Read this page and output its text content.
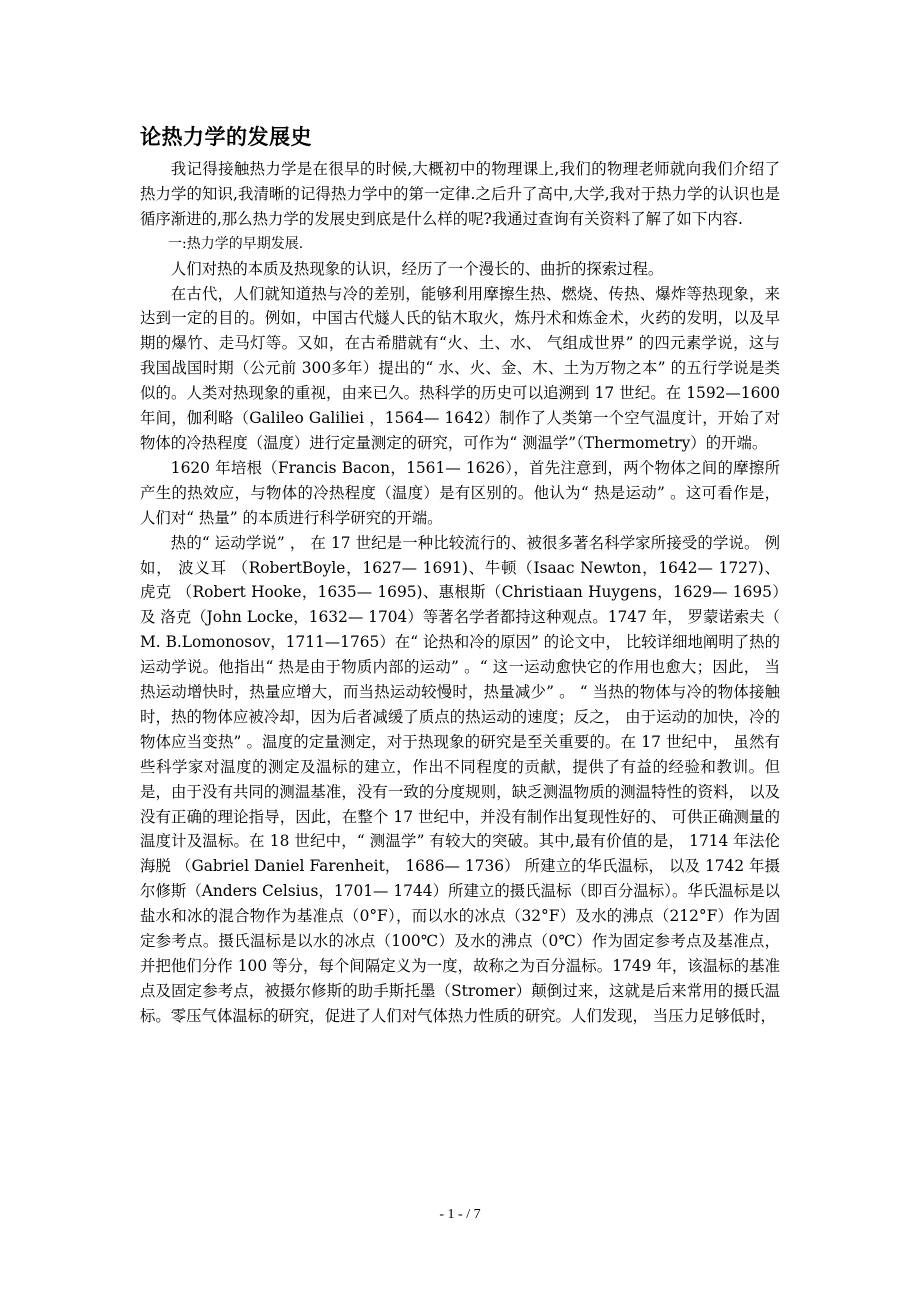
论热力学的发展史

我记得接触热力学是在很早的时候,大概初中的物理课上,我们的物理老师就向我们介绍了热力学的知识,我清晰的记得热力学中的第一定律.之后升了高中,大学,我对于热力学的认识也是循序渐进的,那么热力学的发展史到底是什么样的呢?我通过查询有关资料了解了如下内容.

一:热力学的早期发展.

人们对热的本质及热现象的认识，经历了一个漫长的、曲折的探索过程。

在古代，人们就知道热与冷的差别，能够利用摩擦生热、燃烧、传热、爆炸等热现象，来达到一定的目的。例如，中国古代燧人氏的钻木取火，炼丹术和炼金术，火药的发明，以及早期的爆竹、走马灯等。又如，在古希腊就有“火、土、水、 气组成世界” 的四元素学说，这与我国战国时期（公元前 300多年）提出的“ 水、火、金、木、土为万物之本” 的五行学说是类似的。人类对热现象的重视，由来已久。热科学的历史可以追溯到 17 世纪。在 1592—1600 年间，伽利略（Galileo Galiliei ，1564— 1642）制作了人类第一个空气温度计，开始了对物体的冷热程度（温度）进行定量测定的研究，可作为“ 测温学”（Thermometry）的开端。

1620 年培根（Francis Bacon，1561— 1626），首先注意到，两个物体之间的摩擦所产生的热效应，与物体的冷热程度（温度）是有区别的。他认为“ 热是运动” 。这可看作是，人们对“ 热量” 的本质进行科学研究的开端。

热的“ 运动学说” ， 在 17 世纪是一种比较流行的、被很多著名科学家所接受的学说。 例如， 波义耳 （RobertBoyle，1627— 1691)、牛顿（Isaac Newton，1642— 1727)、 虎克 （Robert Hooke，1635— 1695)、惠根斯（Christiaan Huygens，1629— 1695）及 洛克（John Locke，1632— 1704）等著名学者都持这种观点。1747 年， 罗蒙诺索夫（ M. B.Lomonosov，1711—1765）在“ 论热和冷的原因” 的论文中， 比较详细地阐明了热的运动学说。他指出“ 热是由于物质内部的运动” 。“ 这一运动愈快它的作用也愈大；因此， 当热运动增快时，热量应增大，而当热运动较慢时，热量减少” 。 “ 当热的物体与冷的物体接触时，热的物体应被冷却，因为后者减缓了质点的热运动的速度；反之， 由于运动的加快，冷的物体应当变热” 。温度的定量测定，对于热现象的研究是至关重要的。在 17 世纪中， 虽然有些科学家对温度的测定及温标的建立，作出不同程度的贡献，提供了有益的经验和教训。但是，由于没有共同的测温基准，没有一致的分度规则，缺乏测温物质的测温特性的资料， 以及没有正确的理论指导，因此，在整个 17 世纪中，并没有制作出复现性好的、 可供正确测量的温度计及温标。在 18 世纪中，“ 测温学” 有较大的突破。其中,最有价值的是， 1714 年法伦海脱 （Gabriel Daniel Farenheit， 1686— 1736） 所建立的华氏温标， 以及 1742 年摄尔修斯（Anders Celsius，1701— 1744）所建立的摄氏温标（即百分温标）。华氏温标是以盐水和冰的混合物作为基准点（0°F），而以水的冰点（32°F）及水的沸点（212°F）作为固定参考点。摄氏温标是以水的冰点（100℃）及水的沸点（0℃）作为固定参考点及基准点，并把他们分作 100 等分，每个间隔定义为一度，故称之为百分温标。1749 年，该温标的基准点及固定参考点，被摄尔修斯的助手斯托墨（Stromer）颠倒过来，这就是后来常用的摄氏温标。零压气体温标的研究，促进了人们对气体热力性质的研究。人们发现， 当压力足够低时，

- 1 - / 7
